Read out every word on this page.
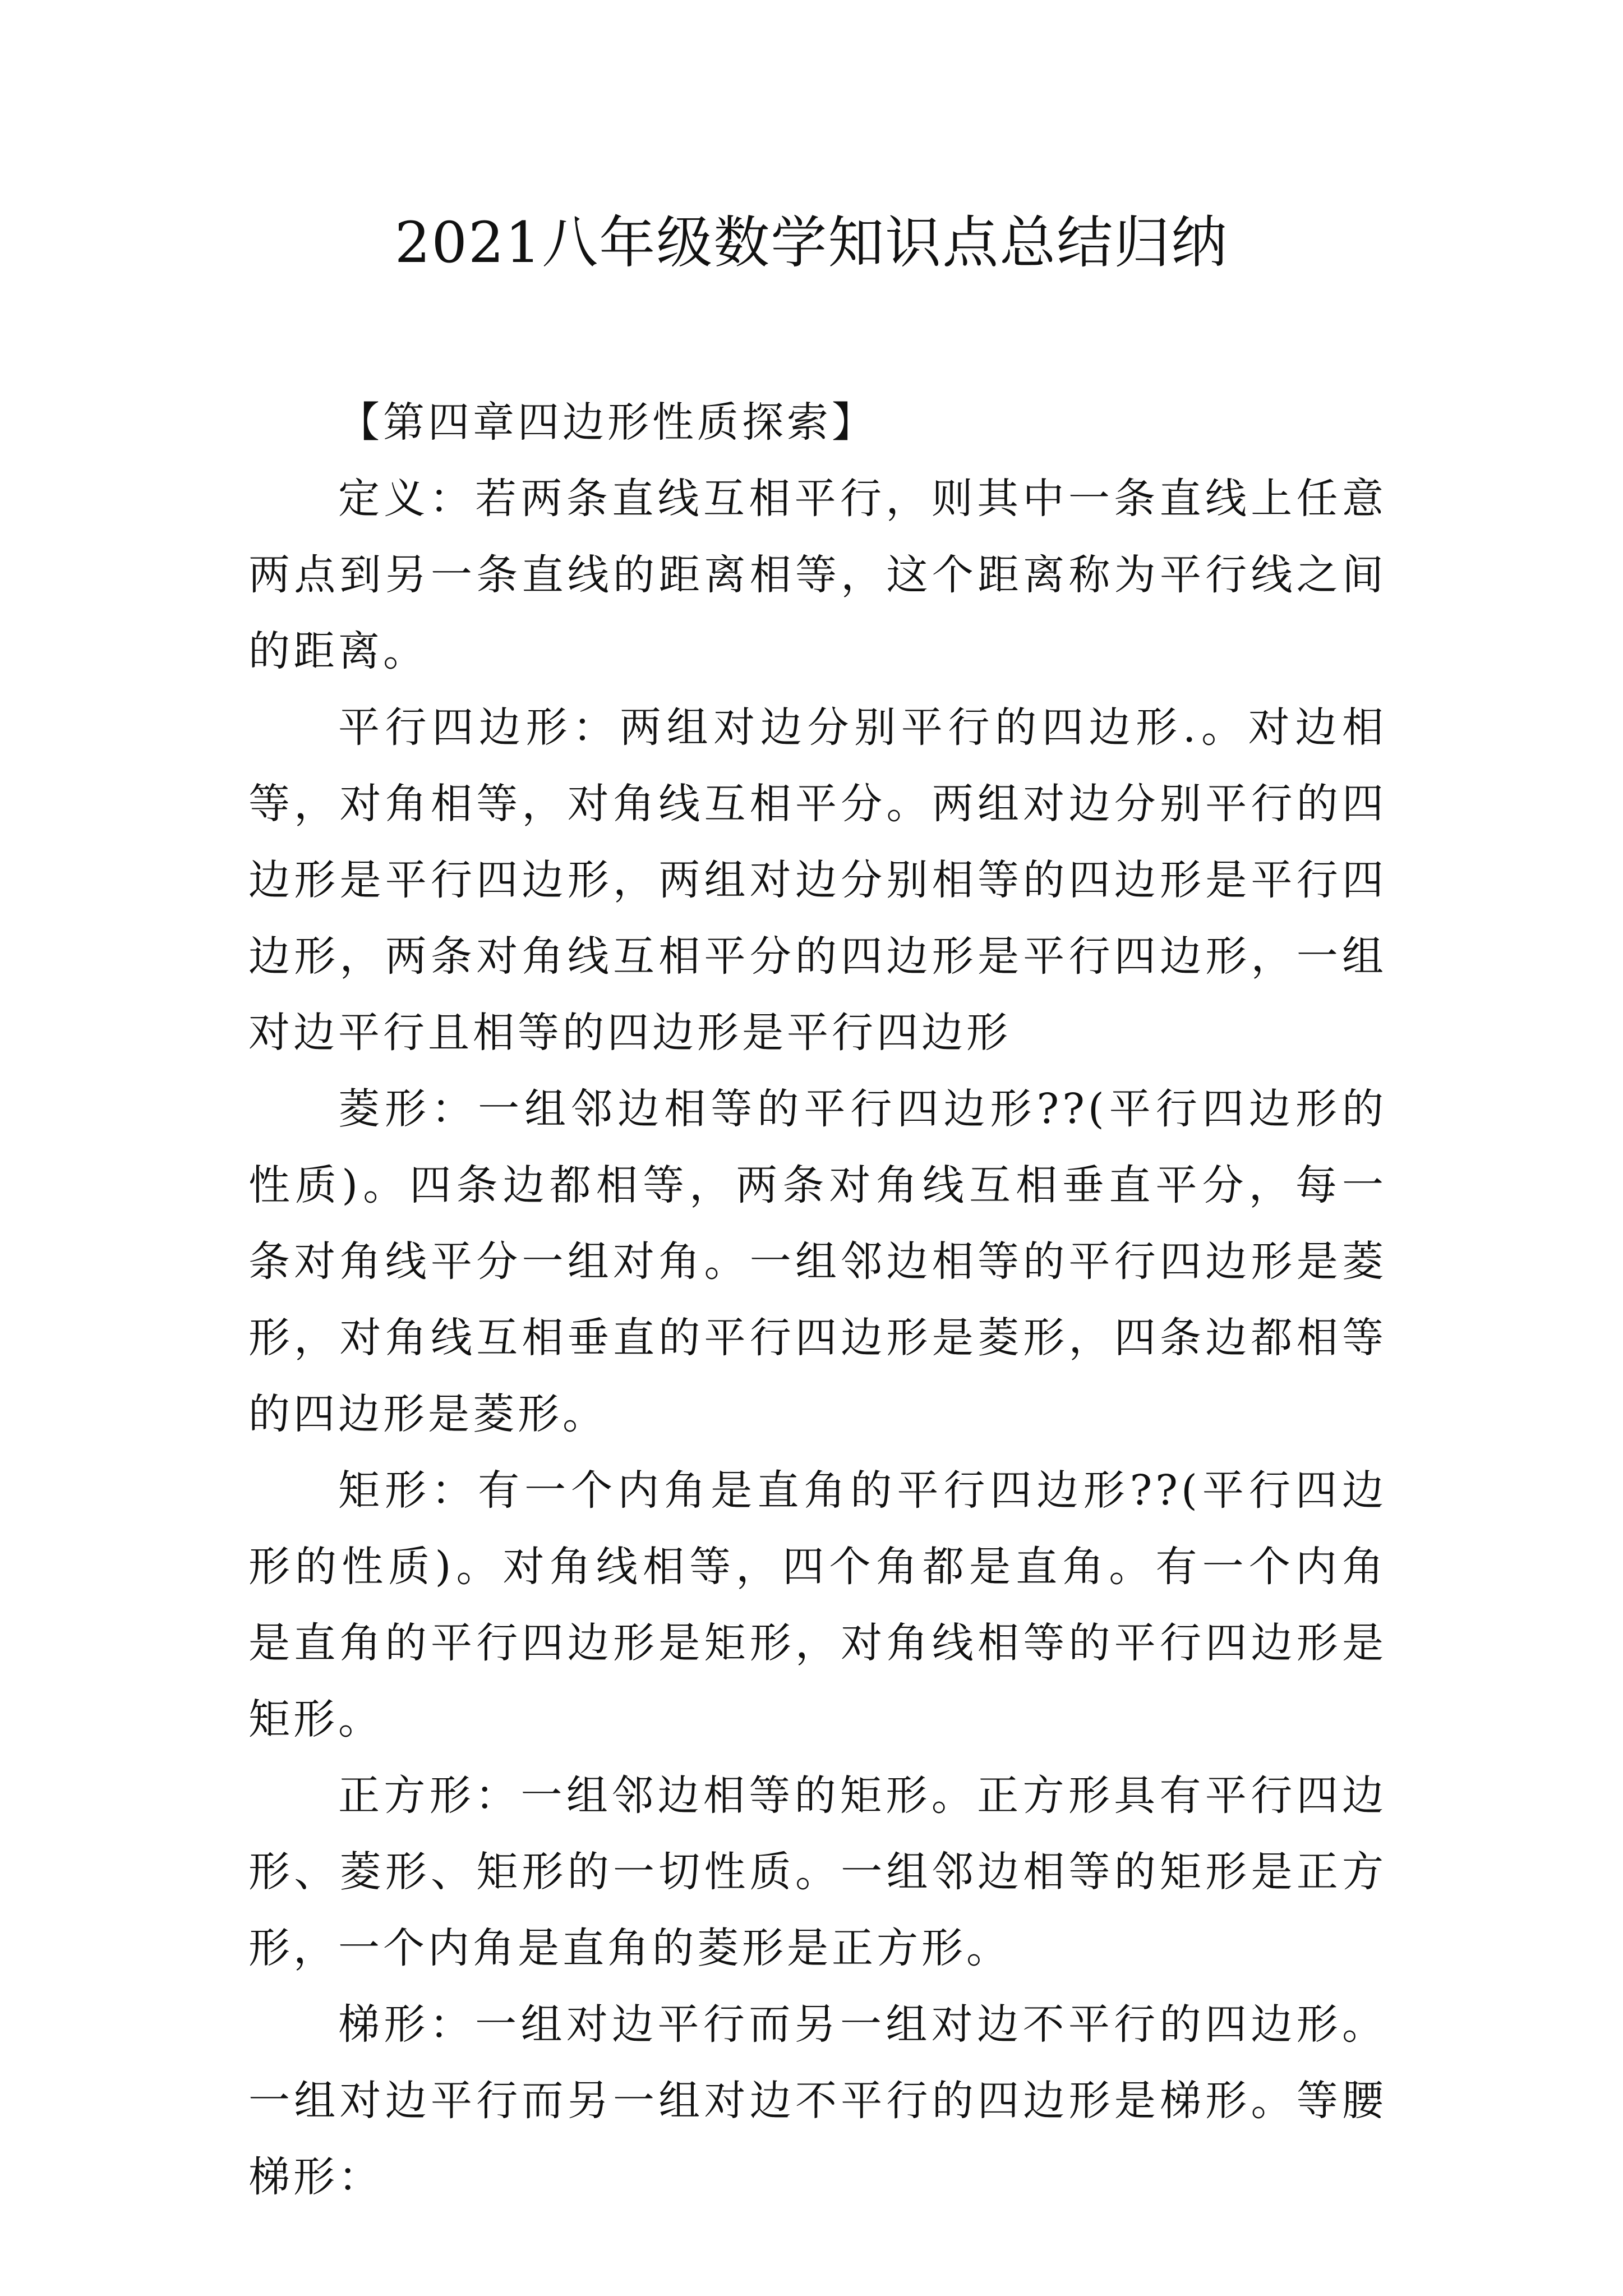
2021八年级数学知识点总结归纳

【第四章四边形性质探索】

定义：若两条直线互相平行，则其中一条直线上任意两点到另一条直线的距离相等，这个距离称为平行线之间的距离。

平行四边形：两组对边分别平行的四边形.。对边相等，对角相等，对角线互相平分。两组对边分别平行的四边形是平行四边形，两组对边分别相等的四边形是平行四边形，两条对角线互相平分的四边形是平行四边形，一组对边平行且相等的四边形是平行四边形

菱形：一组邻边相等的平行四边形??(平行四边形的性质)。四条边都相等，两条对角线互相垂直平分，每一条对角线平分一组对角。一组邻边相等的平行四边形是菱形，对角线互相垂直的平行四边形是菱形，四条边都相等的四边形是菱形。

矩形：有一个内角是直角的平行四边形??(平行四边形的性质)。对角线相等，四个角都是直角。有一个内角是直角的平行四边形是矩形，对角线相等的平行四边形是矩形。

正方形：一组邻边相等的矩形。正方形具有平行四边形、菱形、矩形的一切性质。一组邻边相等的矩形是正方形，一个内角是直角的菱形是正方形。

梯形：一组对边平行而另一组对边不平行的四边形。一组对边平行而另一组对边不平行的四边形是梯形。等腰梯形：
